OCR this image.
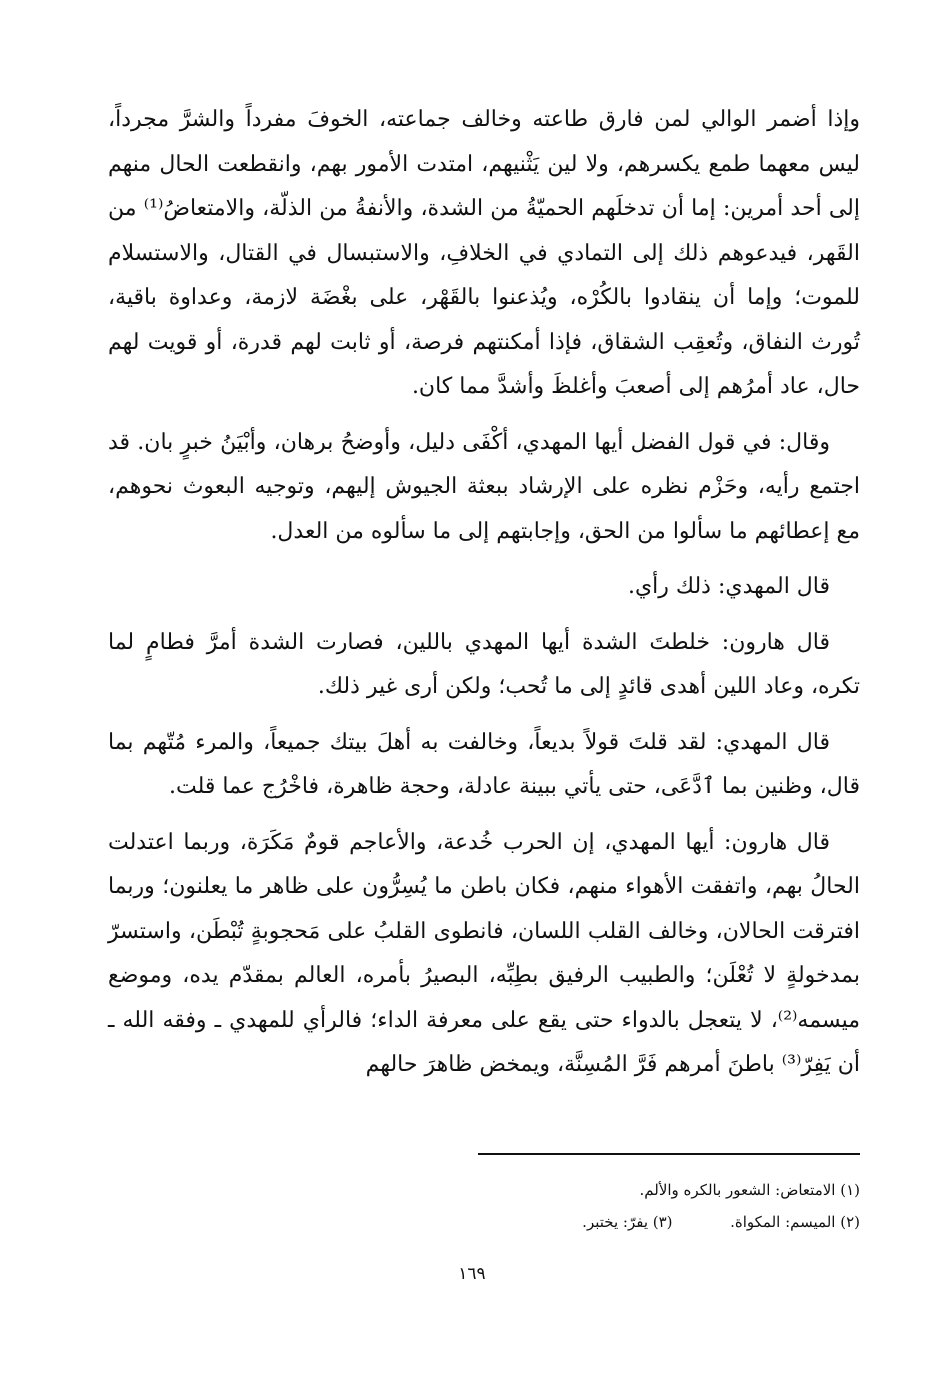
وإذا أضمر الوالي لمن فارق طاعته وخالف جماعته، الخوفَ مفرداً والشرَّ مجرداً، ليس معهما طمع يكسرهم، ولا لين يَثْنيهم، امتدت الأمور بهم، وانقطعت الحال منهم إلى أحد أمرين: إما أن تدخلَهم الحميّةُ من الشدة، والأنفةُ من الذلّة، والامتعاضُ⁽¹⁾ من القَهر، فيدعوهم ذلك إلى التمادي في الخلافِ، والاستبسال في القتال، والاستسلام للموت؛ وإما أن ينقادوا بالكُرْه، ويُذعنوا بالقَهْر، على بغْضَة لازمة، وعداوة باقية، تُورث النفاق، وتُعقِب الشقاق، فإذا أمكنتهم فرصة، أو ثابت لهم قدرة، أو قويت لهم حال، عاد أمرُهم إلى أصعبَ وأغلظَ وأشدَّ مما كان.

وقال: في قول الفضل أيها المهدي، أكْفَى دليل، وأوضحُ برهان، وأبْيَنُ خبرٍ بان. قد اجتمع رأيه، وحَزْم نظره على الإرشاد ببعثة الجيوش إليهم، وتوجيه البعوث نحوهم، مع إعطائهم ما سألوا من الحق، وإجابتهم إلى ما سألوه من العدل.

قال المهدي: ذلك رأي.

قال هارون: خلطتَ الشدة أيها المهدي باللين، فصارت الشدة أمرَّ فطامٍ لما تكره، وعاد اللين أهدى قائدٍ إلى ما تُحب؛ ولكن أرى غير ذلك.

قال المهدي: لقد قلتَ قولاً بديعاً، وخالفت به أهلَ بيتك جميعاً، والمرء مُتّهم بما قال، وظنين بما ٱدَّعَى، حتى يأتي ببينة عادلة، وحجة ظاهرة، فاخْرُج عما قلت.

قال هارون: أيها المهدي، إن الحرب خُدعة، والأعاجم قومٌ مَكَرَة، وربما اعتدلت الحالُ بهم، واتفقت الأهواء منهم، فكان باطن ما يُسِرُّون على ظاهر ما يعلنون؛ وربما افترقت الحالان، وخالف القلب اللسان، فانطوى القلبُ على مَحجوبةٍ تُبْطَن، واستسرّ بمدخولةٍ لا تُعْلَن؛ والطبيب الرفيق بطِبِّه، البصيرُ بأمره، العالم بمقدّم يده، وموضع ميسمه⁽²⁾، لا يتعجل بالدواء حتى يقع على معرفة الداء؛ فالرأي للمهدي ـ وفقه الله ـ أن يَفِرّ⁽³⁾ باطنَ أمرهم فَرَّ المُسِنَّة، ويمخض ظاهرَ حالهم

(١) الامتعاض: الشعور بالكره والألم.
(٢) الميسم: المكواة.  (٣) يفرّ: يختبر.
١٦٩
